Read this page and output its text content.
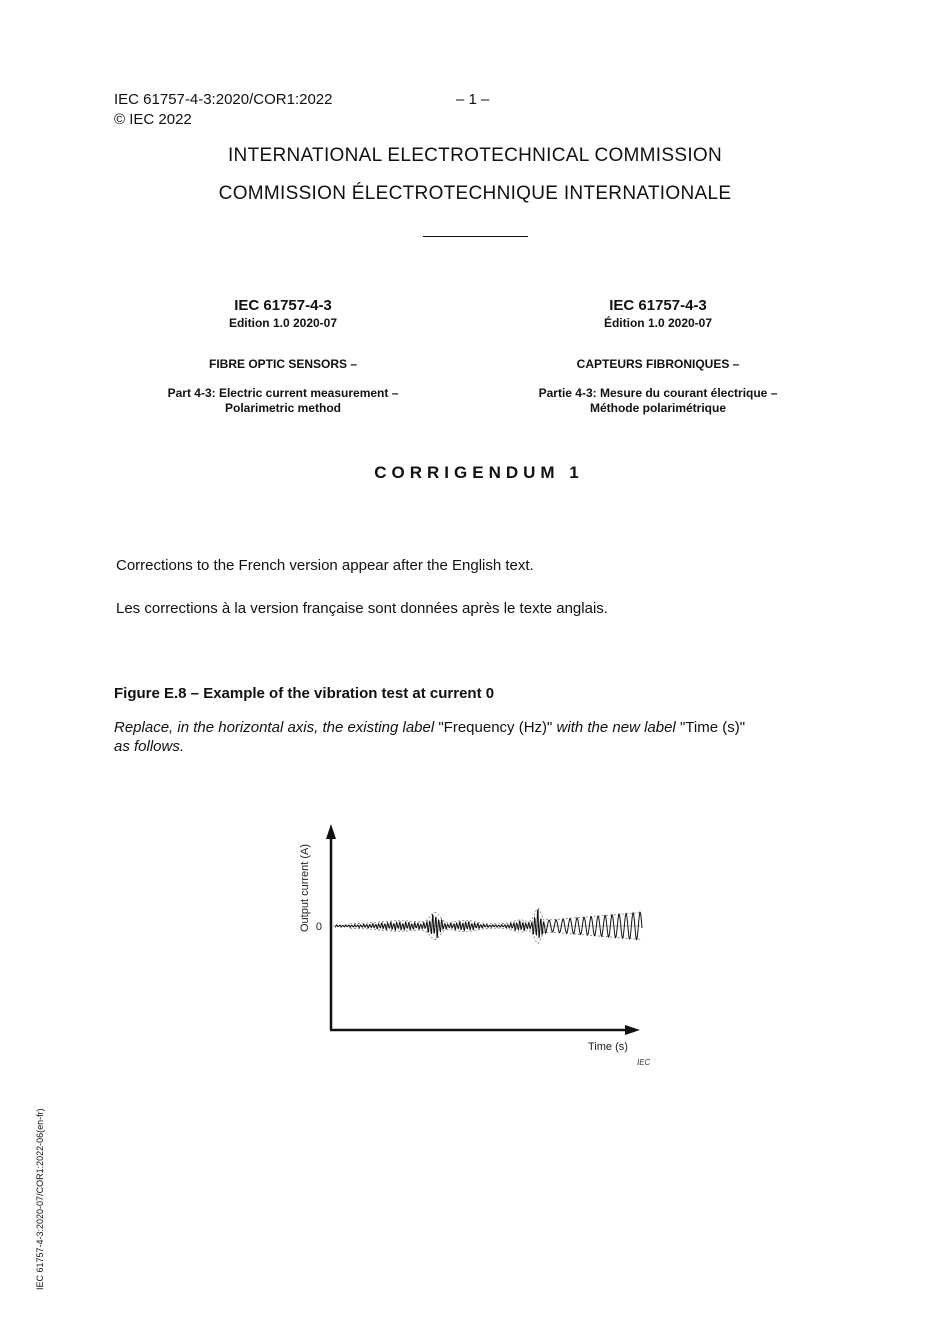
IEC 61757-4-3:2020/COR1:2022	– 1 –
© IEC 2022
INTERNATIONAL ELECTROTECHNICAL COMMISSION
COMMISSION ÉLECTROTECHNIQUE INTERNATIONALE
IEC 61757-4-3
Edition 1.0 2020-07
FIBRE OPTIC SENSORS –
Part 4-3: Electric current measurement –
Polarimetric method
IEC 61757-4-3
Édition 1.0 2020-07
CAPTEURS FIBRONIQUES –
Partie 4-3: Mesure du courant électrique –
Méthode polarimétrique
CORRIGENDUM 1
Corrections to the French version appear after the English text.
Les corrections à la version française sont données après le texte anglais.
Figure E.8 – Example of the vibration test at current 0
Replace, in the horizontal axis, the existing label "Frequency (Hz)" with the new label "Time (s)"
as follows.
0
Output current (A)
Time (s)
IEC
IEC 61757-4-3:2020-07/COR1:2022-06(en-fr)
